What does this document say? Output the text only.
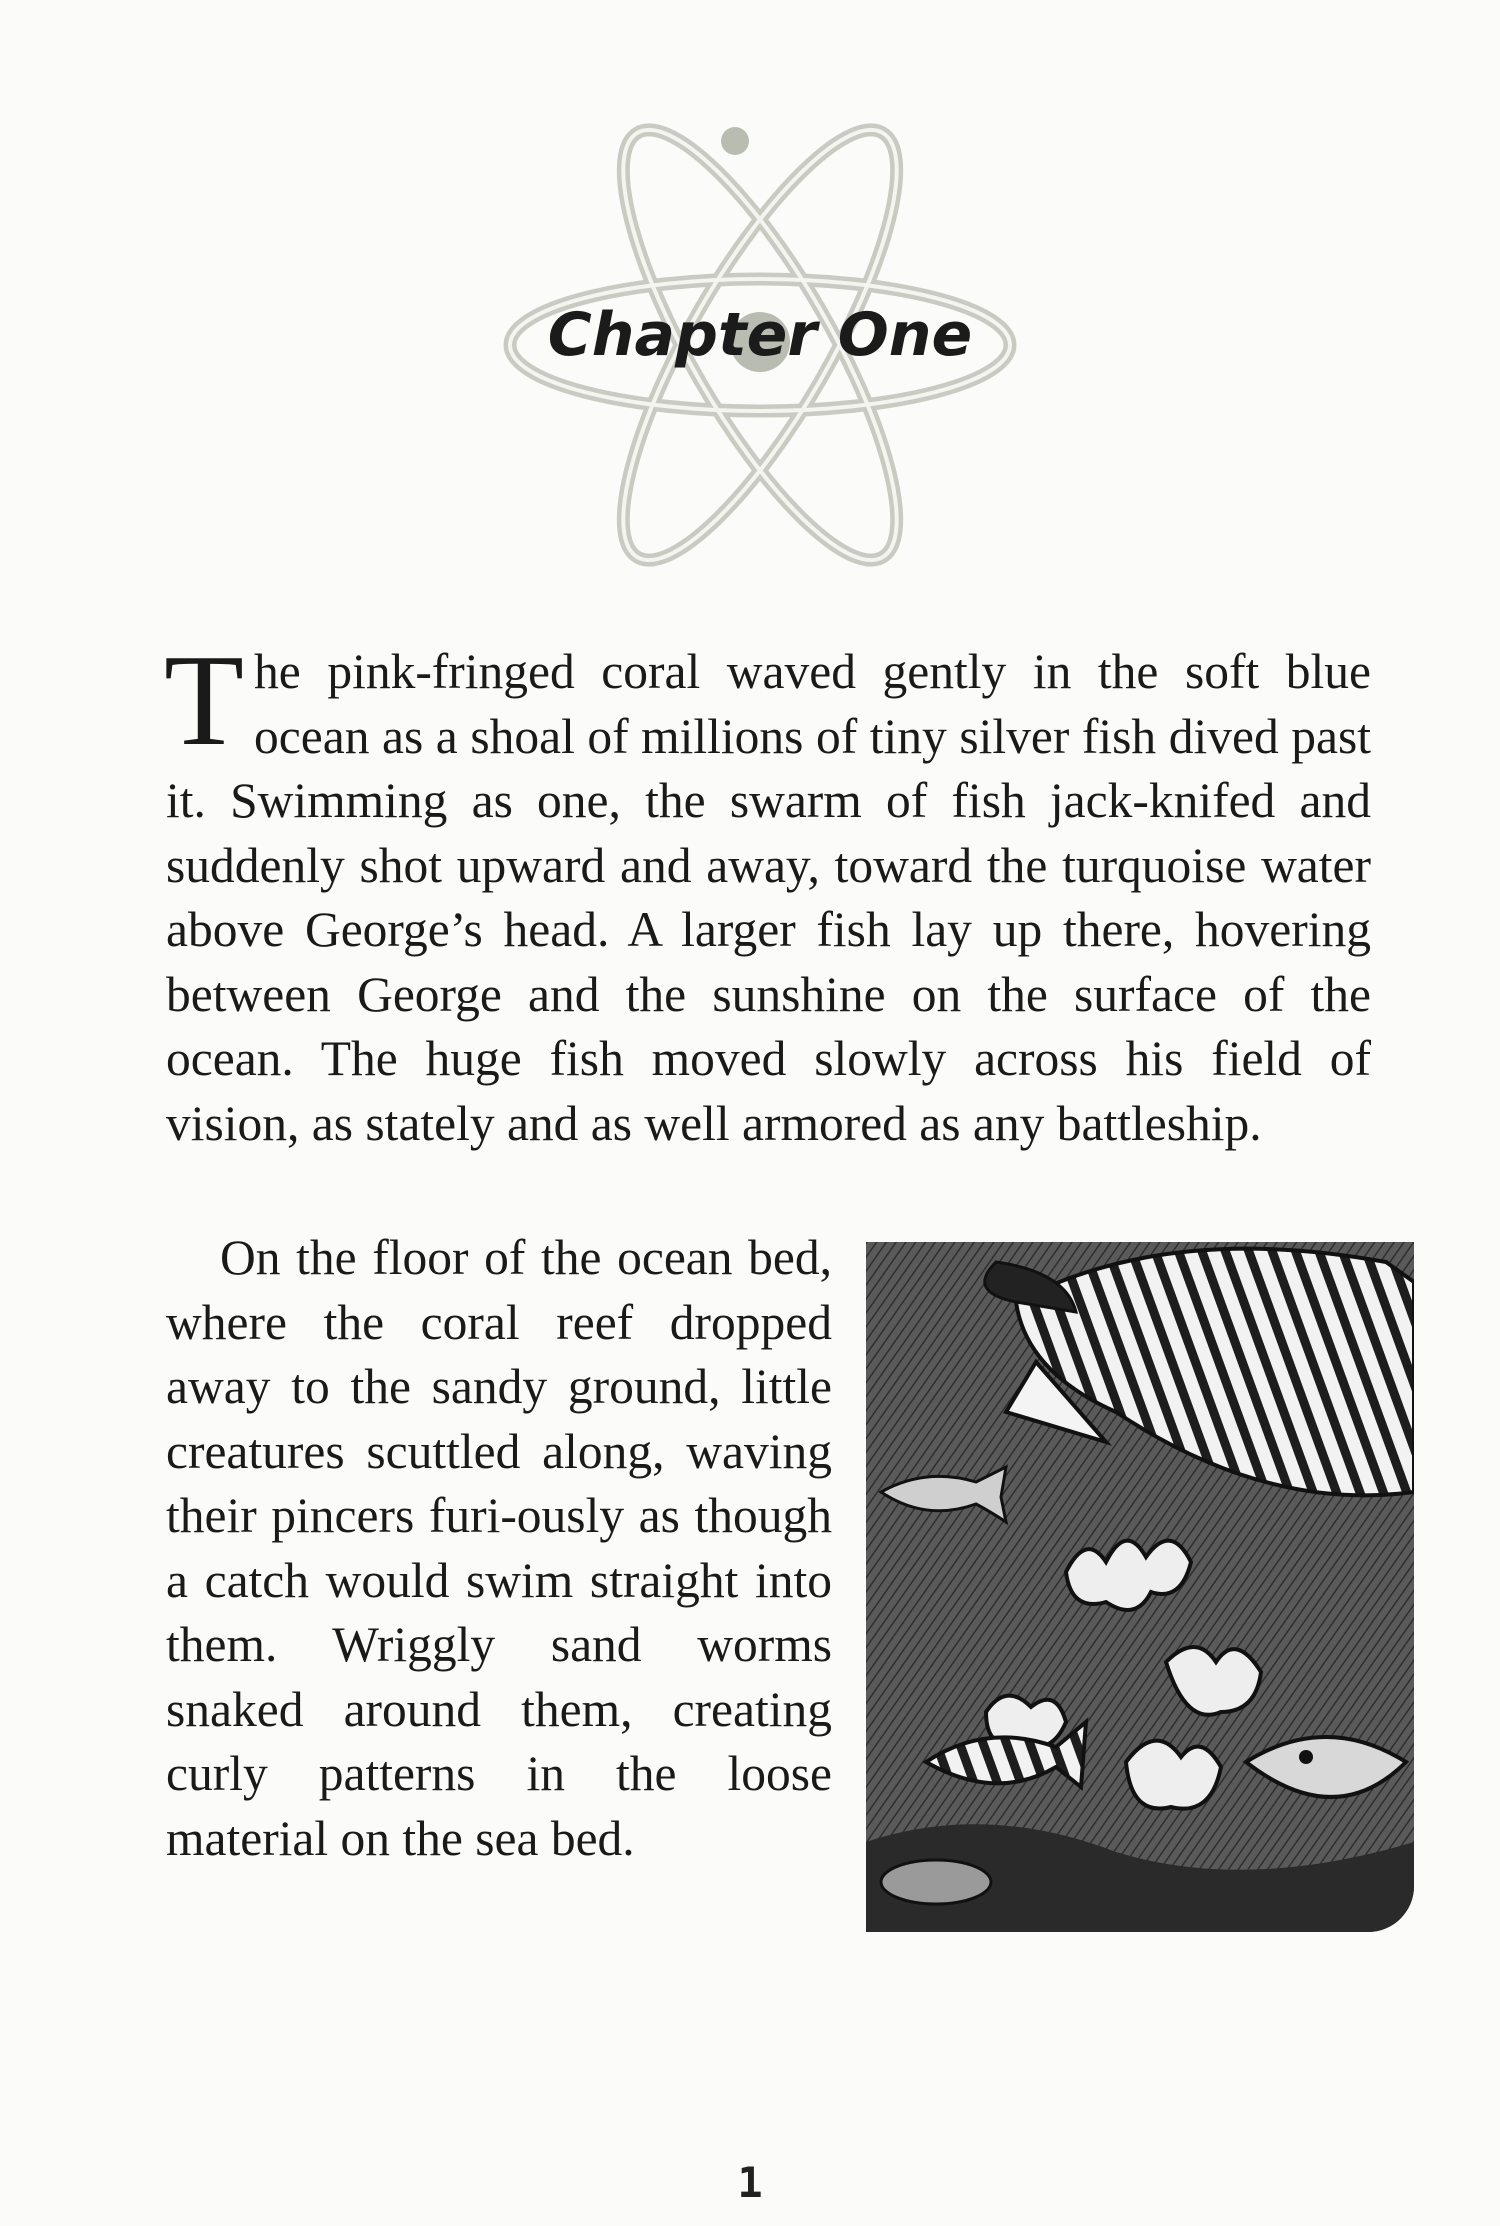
Chapter One
T he pink-fringed coral waved gently in the soft blue ocean as a shoal of millions of tiny silver fish dived past it. Swimming as one, the swarm of fish jack-knifed and suddenly shot upward and away, toward the turquoise water above George’s head. A larger fish lay up there, hovering between George and the sunshine on the surface of the ocean. The huge fish moved slowly across his field of vision, as stately and as well armored as any battleship.

On the floor of the ocean bed, where the coral reef dropped away to the sandy ground, little creatures scuttled along, waving their pincers furi-ously as though a catch would swim straight into them. Wriggly sand worms snaked around them, creating curly patterns in the loose material on the sea bed.

1
